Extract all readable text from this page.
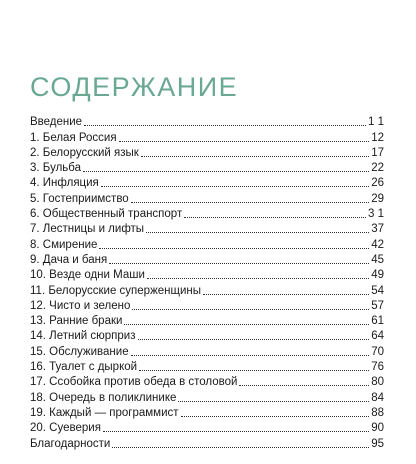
СОДЕРЖАНИЕ
Введение	1 1
1. Белая Россия	12
2. Белорусский язык	17
3. Бульба	22
4. Инфляция	26
5. Гостеприимство	29
6. Общественный транспорт	3 1
7. Лестницы и лифты	37
8. Смирение	42
9. Дача и баня	45
10. Везде одни Маши	49
11. Белорусские суперженщины	54
12. Чисто и зелено	57
13. Ранние браки	61
14. Летний сюрприз	64
15. Обслуживание	70
16. Туалет с дыркой	76
17. Ссобойка против обеда в столовой	80
18. Очередь в поликлинике	84
19. Каждый — программист	88
20. Суеверия	90
Благодарности	95
